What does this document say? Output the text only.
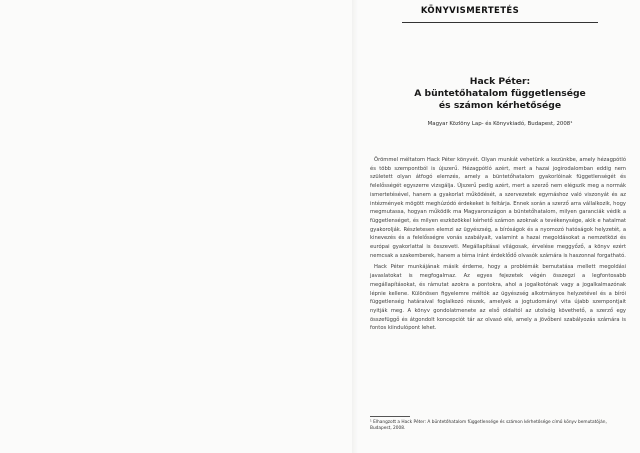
KÖNYVISMERTETÉS
Hack Péter:
A büntetőhatalom függetlensége
és számon kérhetősége
Magyar Közlöny Lap- és Könyvkiadó, Budapest, 2008¹

Örömmel méltatom Hack Péter könyvét. Olyan munkát vehetünk a kezünkbe, amely hézagpótló és több szempontból is újszerű. Hézagpótló azért, mert a hazai jogirodalomban eddig nem született olyan átfogó elemzés, amely a büntetőhatalom gyakorlóinak függetlenségét és felelősségét egyszerre vizsgálja. Újszerű pedig azért, mert a szerző nem elégszik meg a normák ismertetésével, hanem a gyakorlat működését, a szervezetek egymáshoz való viszonyát és az intézmények mögött meghúzódó érdekeket is feltárja. Ennek során a szerző arra vállalkozik, hogy megmutassa, hogyan működik ma Magyarországon a büntetőhatalom, milyen garanciák védik a függetlenséget, és milyen eszközökkel kérhető számon azoknak a tevékenysége, akik e hatalmat gyakorolják. Részletesen elemzi az ügyészség, a bíróságok és a nyomozó hatóságok helyzetét, a kinevezés és a felelősségre vonás szabályait, valamint a hazai megoldásokat a nemzetközi és európai gyakorlattal is összeveti. Megállapításai világosak, érvelése meggyőző, a könyv ezért nemcsak a szakemberek, hanem a téma iránt érdeklődő olvasók számára is haszonnal forgatható.

Hack Péter munkájának másik érdeme, hogy a problémák bemutatása mellett megoldási javaslatokat is megfogalmaz. Az egyes fejezetek végén összegzi a legfontosabb megállapításokat, és rámutat azokra a pontokra, ahol a jogalkotónak vagy a jogalkalmazónak lépnie kellene. Különösen figyelemre méltók az ügyészség alkotmányos helyzetével és a bírói függetlenség határaival foglalkozó részek, amelyek a jogtudományi vita újabb szempontjait nyitják meg. A könyv gondolatmenete az első oldaltól az utolsóig követhető, a szerző egy összefüggő és átgondolt koncepciót tár az olvasó elé, amely a jövőbeni szabályozás számára is fontos kiindulópont lehet.

¹ Elhangzott a Hack Péter: A büntetőhatalom függetlensége és számon kérhetősége című könyv bemutatóján, Budapest, 2008.
